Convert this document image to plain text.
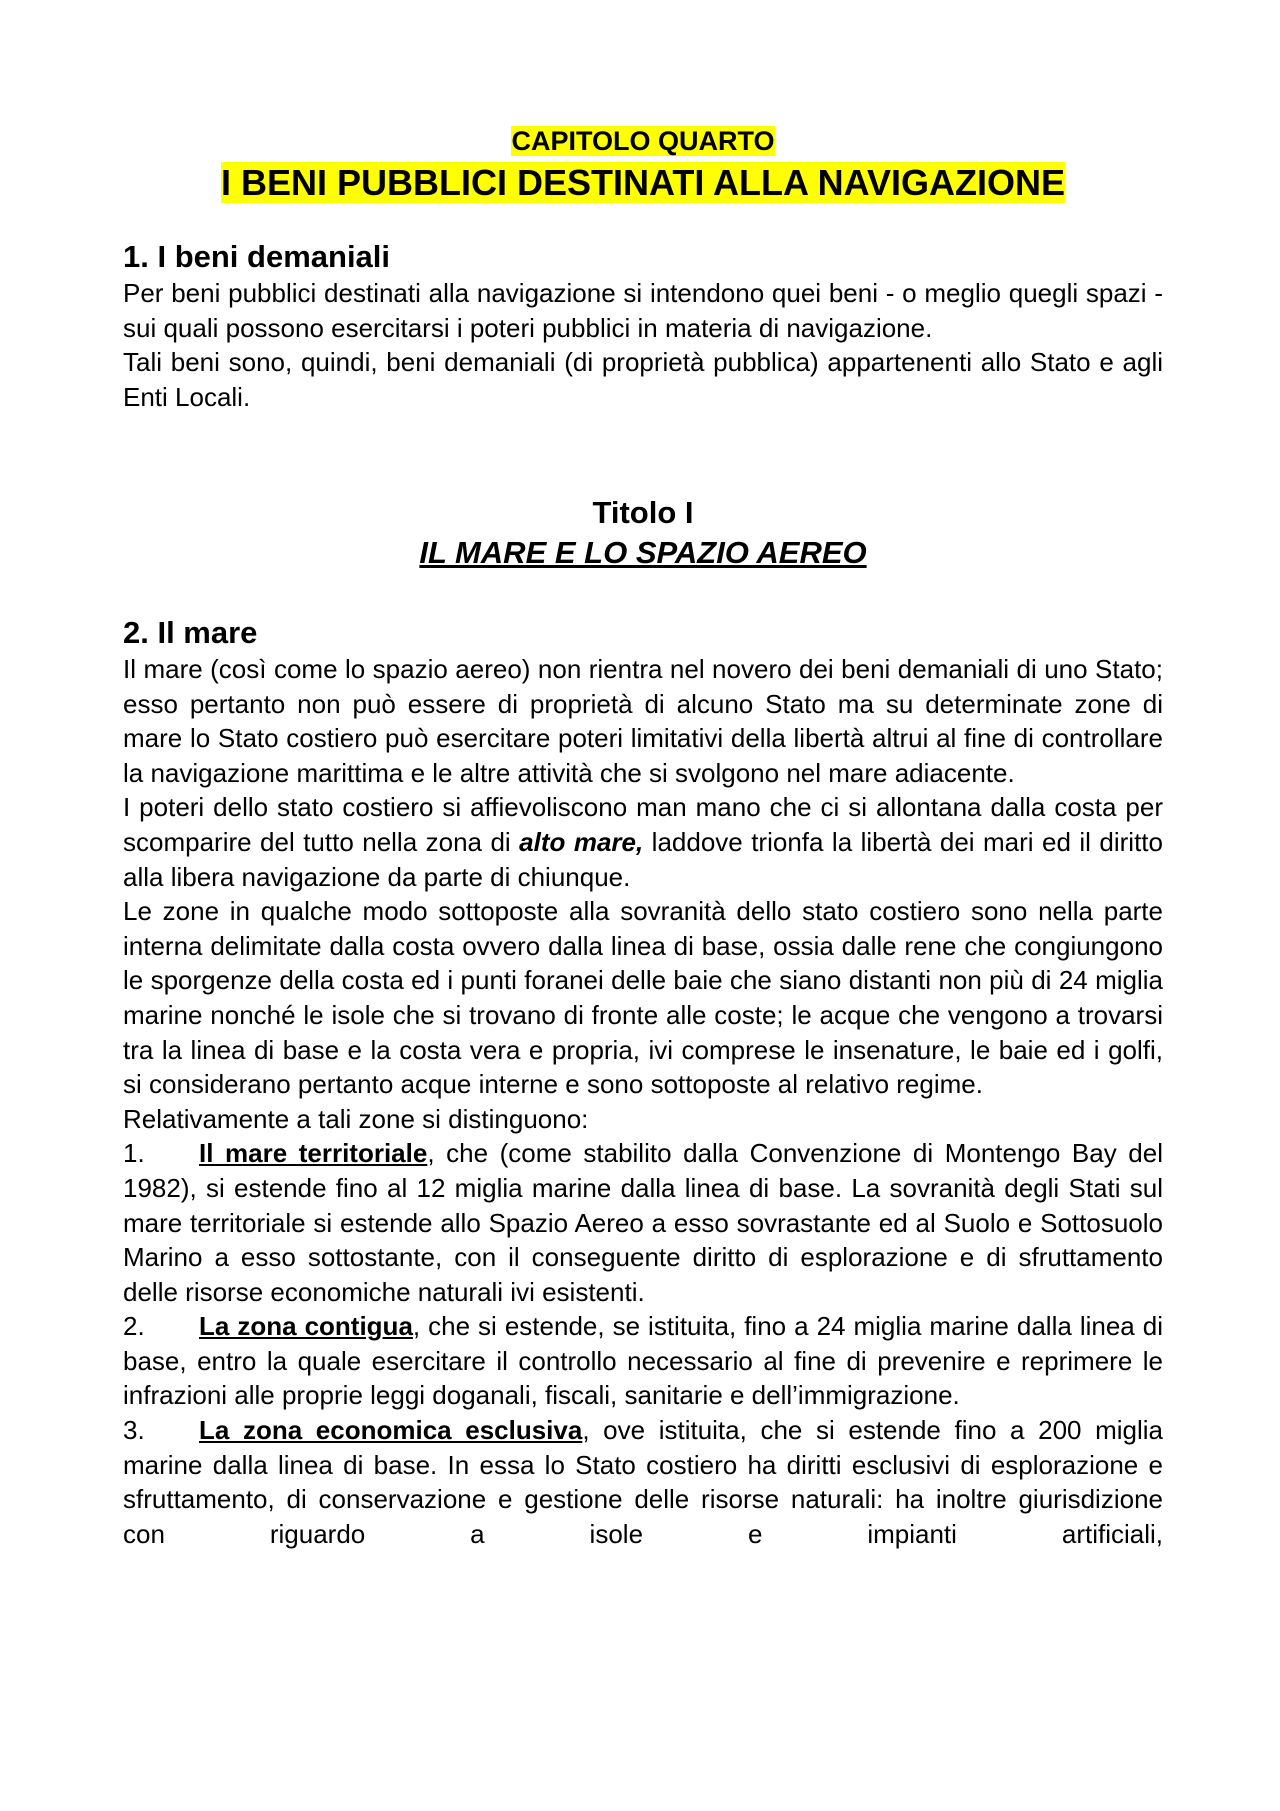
CAPITOLO QUARTO
I BENI PUBBLICI DESTINATI ALLA NAVIGAZIONE
1. I beni demaniali

Per beni pubblici destinati alla navigazione si intendono quei beni - o meglio quegli spazi - sui quali possono esercitarsi i poteri pubblici in materia di navigazione.

Tali beni sono, quindi, beni demaniali (di proprietà pubblica) appartenenti allo Stato e agli Enti Locali.

Titolo I
IL MARE E LO SPAZIO AEREO
2. Il mare

Il mare (così come lo spazio aereo) non rientra nel novero dei beni demaniali di uno Stato; esso pertanto non può essere di proprietà di alcuno Stato ma su determinate zone di mare lo Stato costiero può esercitare poteri limitativi della libertà altrui al fine di controllare la navigazione marittima e le altre attività che si svolgono nel mare adiacente.

I poteri dello stato costiero si affievoliscono man mano che ci si allontana dalla costa per scomparire del tutto nella zona di alto mare, laddove trionfa la libertà dei mari ed il diritto alla libera navigazione da parte di chiunque.

Le zone in qualche modo sottoposte alla sovranità dello stato costiero sono nella parte interna delimitate dalla costa ovvero dalla linea di base, ossia dalle rene che congiungono le sporgenze della costa ed i punti foranei delle baie che siano distanti non più di 24 miglia marine nonché le isole che si trovano di fronte alle coste; le acque che vengono a trovarsi tra la linea di base e la costa vera e propria, ivi comprese le insenature, le baie ed i golfi, si considerano pertanto acque interne e sono sottoposte al relativo regime.

Relativamente a tali zone si distinguono:

1. Il mare territoriale, che (come stabilito dalla Convenzione di Montengo Bay del 1982), si estende fino al 12 miglia marine dalla linea di base. La sovranità degli Stati sul mare territoriale si estende allo Spazio Aereo a esso sovrastante ed al Suolo e Sottosuolo Marino a esso sottostante, con il conseguente diritto di esplorazione e di sfruttamento delle risorse economiche naturali ivi esistenti.

2. La zona contigua, che si estende, se istituita, fino a 24 miglia marine dalla linea di base, entro la quale esercitare il controllo necessario al fine di prevenire e reprimere le infrazioni alle proprie leggi doganali, fiscali, sanitarie e dell’immigrazione.

3. La zona economica esclusiva, ove istituita, che si estende fino a 200 miglia marine dalla linea di base. In essa lo Stato costiero ha diritti esclusivi di esplorazione e sfruttamento, di conservazione e gestione delle risorse naturali: ha inoltre giurisdizione con riguardo a isole e impianti artificiali,
